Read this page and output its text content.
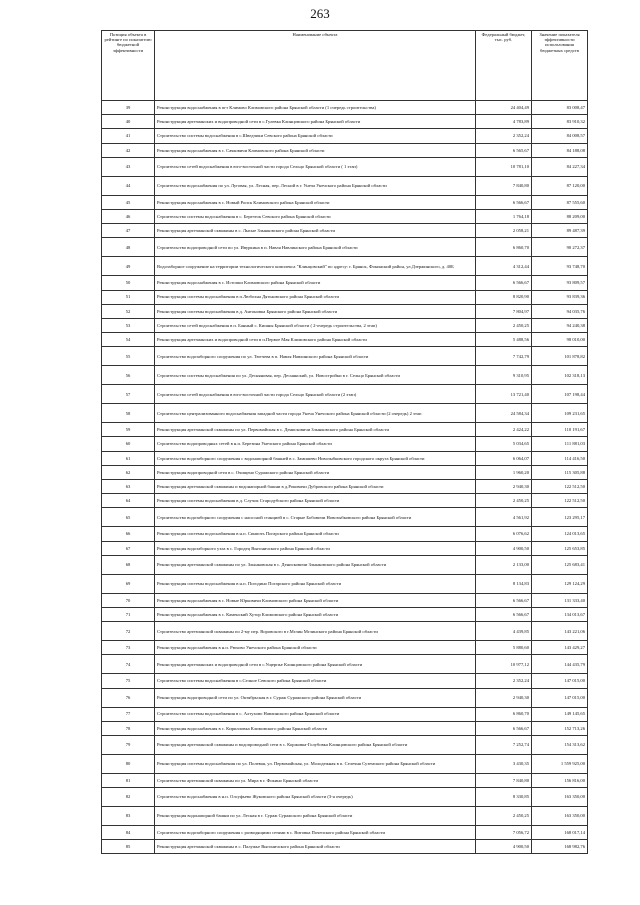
263
Позиция объекта в рейтинге по показателю бюджетной эффективности	Наименование объекта	Федеральный бюджет, тыс. руб.	Значение показателя эффективности использования бюджетных средств
39	Реконструкция водоснабжения в пгт Климово Климовского района Брянской области (1 очередь строительства)	24 404,49	83 008,47
40	Реконструкция артезианских и водопроводной сети в с.Гулевка Клинцовского района Брянской области	4 783,89	83 910,32
41	Строительство системы водоснабжения в с.Шведчики Севского района Брянской области	2 352,24	84 008,57
42	Реконструкция водоснабжения в с. Сачковичи Климовского района Брянской области	6 565,67	84 188,08
43	Строительство сетей водоснабжения в юго-восточной части города Сельцо Брянской области ( 1 этап)	10 781,10	84 227,34
44	Строительство водоснабжения по ул. Луговая, ул. Лесная, пер. Лесной в г. Унеча Унечского района Брянской области	7 840,80	87 120,00
45	Реконструкция водоснабжения в с. Новый Ропск Климовского района Брянской области	6 566,67	87 555,60
46	Строительство системы водоснабжения в с. Березток Севского района Брянской области	1 764,18	88 209,00
47	Реконструкция артезианской скважины в с. Лысые Злынковского района Брянской области	2 058,21	89 487,39
48	Строительство водопроводной сети по ул. Ивуркина в п. Навля Навлинского района Брянской области	6 860,70	90 272,37
49	Водозаборное сооружение на территории технологического комплекса "Клинцовский" по адресу: г. Брянск, Фокинский район, ул.Дзержинского, д. 40Б	4 312,44	93 748,70
50	Реконструкция водоснабжения в с. Истопки Климовского района Брянской области	6 566,67	93 809,57
51	Реконструкция системы водоснабжения в п.Любохна Дятьковского района Брянской области	8 820,90	93 839,36
52	Реконструкция системы водоснабжения в д. Антоновка Брянского района Брянской области	7 804,97	94 035,76
53	Строительство сетей водоснабжения в п. Банный с. Кишны Брянской области ( 2-очередь строительства, 2 этап)	2 450,25	94 240,38
54	Реконструкция артезианских и водопроводной сети в п.Первое Мая Климовского района Брянской области	5 488,56	98 010,00
55	Строительство водозаборного сооружения по ул. Тютчева в п. Навля Навлинского района Брянской области	7 742,79	101 878,82
56	Строительство системы водоснабжения по ул. Десняновая, пер. Деснянский, ул. Новостройки в г. Сельцо Брянской области	9 310,95	102 318,13
57	Строительство сетей водоснабжения в юго-восточной части города Сельцо Брянской области (2 этап)	13 721,40	107 198,44
58	Строительство централизованного водоснабжения западной части города Унеча Унечского района Брянской области (2 очередь) 2 этап	24 584,34	109 231,65
59	Реконструкция артезианской скважины по ул. Первомайская в с. Денисковичи Злынковского района Брянской области	2 424,22	110 191,67
60	Строительство водопроводных сетей в н.п. Березина Унечского района Брянской области	5 034,65	111 881,03
61	Строительство водозаборного сооружения с водонапорной башней в с. Замишево Новозыбковского городского округа Брянской области	6 064,07	114 416,50
62	Реконструкция водопроводной сети в с. Очищено Суражского района Брянской области	1 960,20	115 305,88
63	Реконструкция артезианской скважины и водонапорной башни в д.Роковичи Дубровского района Брянской области	2 940,30	122 512,50
64	Реконструкция системы водоснабжения в д. Случок Стародубского района Брянской области	2 450,25	122 512,50
65	Строительство водозаборного сооружения с насосной станцией в с. Старые Бобовичи Новозыбковского района Брянской области	4 561,92	123 295,17
66	Реконструкция системы водоснабжения в н.п. Синпоть Погарского района Брянской области	6 076,62	124 013,65
67	Реконструкция водозаборного узла в с. Городец Выгоничского района Брянской области	4 900,50	125 653,85
68	Реконструкция артезианской скважины по ул. Злынковская в с. Денисковичи Злынковского района Брянской области	2 133,00	125 683,41
69	Реконструкция системы водоснабжения в н.п. Погодино Погарского района Брянской области	8 134,83	129 124,29
70	Реконструкция водоснабжения в с. Новые Юрковичи Климовского района Брянской области	6 566,67	131 333,40
71	Реконструкция водоснабжения в с. Каменский Хутор Климовского района Брянской области	6 566,67	134 013,67
72	Строительство артезианской скважины по 2-му пер. Воровского в г.Мглин Мглинского района Брянской области	4 439,85	143 221,06
73	Реконструкция водоснабжения в н.п. Рюхово Унечского района Брянской области	5 880,60	143 429,27
74	Реконструкция артезианских и водопроводной сети в с.Ущерпье Клинцовского района Брянской области	10 977,12	144 435,79
75	Строительство системы водоснабжения в с.Селное Севского района Брянской области	2 352,24	147 015,00
76	Реконструкция водопроводной сети по ул. Октябрьская в г. Сураж Суражского района Брянской области	2 940,30	147 015,00
77	Строительство системы водоснабжения в с. Алтухово Навлинского района Брянской области	6 860,70	149 145,65
78	Реконструкция водоснабжения в с. Кирилловка Климовского района Брянской области	6 566,67	152 713,26
79	Реконструкция артезианской скважины и водопроводной сети в с. Коржовка-Голубовка Клинцовского района Брянской области	7 252,74	154 313,62
80	Реконструкция системы водоснабжения по ул. Полевая, ул. Первомайская, ул. Молодежная в п. Селечня Суземского района Брянской области	3 430,35	1 559 925,00
81	Строительство артезианской скважины по ул. Мира в г. Фокино Брянской области	7 840,80	156 816,00
82	Строительство водоснабжения в н.п. Олсуфьево Жуковского района Брянской области (3-я очередь)	8 330,85	163 350,00
83	Реконструкция водонапорной башни по ул. Лесная в г. Сураж Суражского района Брянской области	2 450,25	163 350,00
84	Строительство водозаборного сооружения с разводящими сетями в с. Витовка Почепского района Брянской области	7 056,72	168 017,14
85	Реконструкция артезианской скважины в с. Палужье Выгоничского района Брянской области	4 900,50	168 982,76
